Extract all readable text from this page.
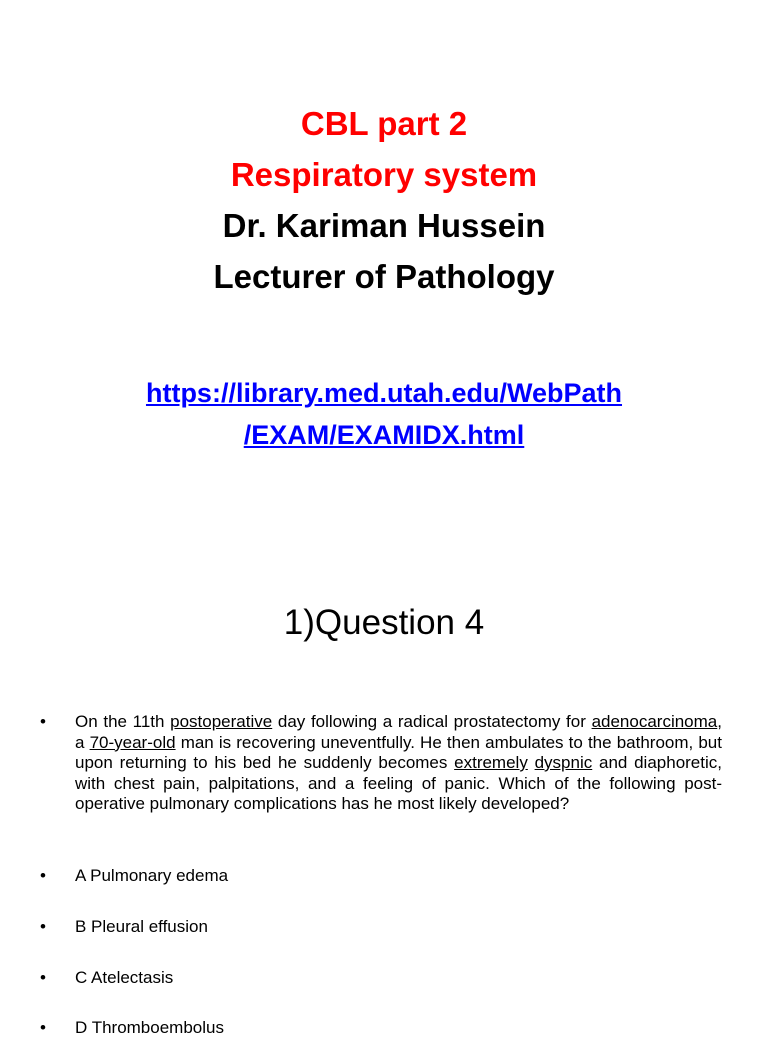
CBL part 2
Respiratory system
Dr. Kariman Hussein
Lecturer of Pathology
https://library.med.utah.edu/WebPath
/EXAM/EXAMIDX.html
1)Question 4
•	On the 11th postoperative day following a radical prostatectomy for adenocarcinoma, a 70-year-old man is recovering uneventfully. He then ambulates to the bathroom, but upon returning to his bed he suddenly becomes extremely dyspnic and diaphoretic, with chest pain, palpitations, and a feeling of panic. Which of the following post-operative pulmonary complications has he most likely developed?
•	A Pulmonary edema
•	B Pleural effusion
•	C Atelectasis
•	D Thromboembolus
